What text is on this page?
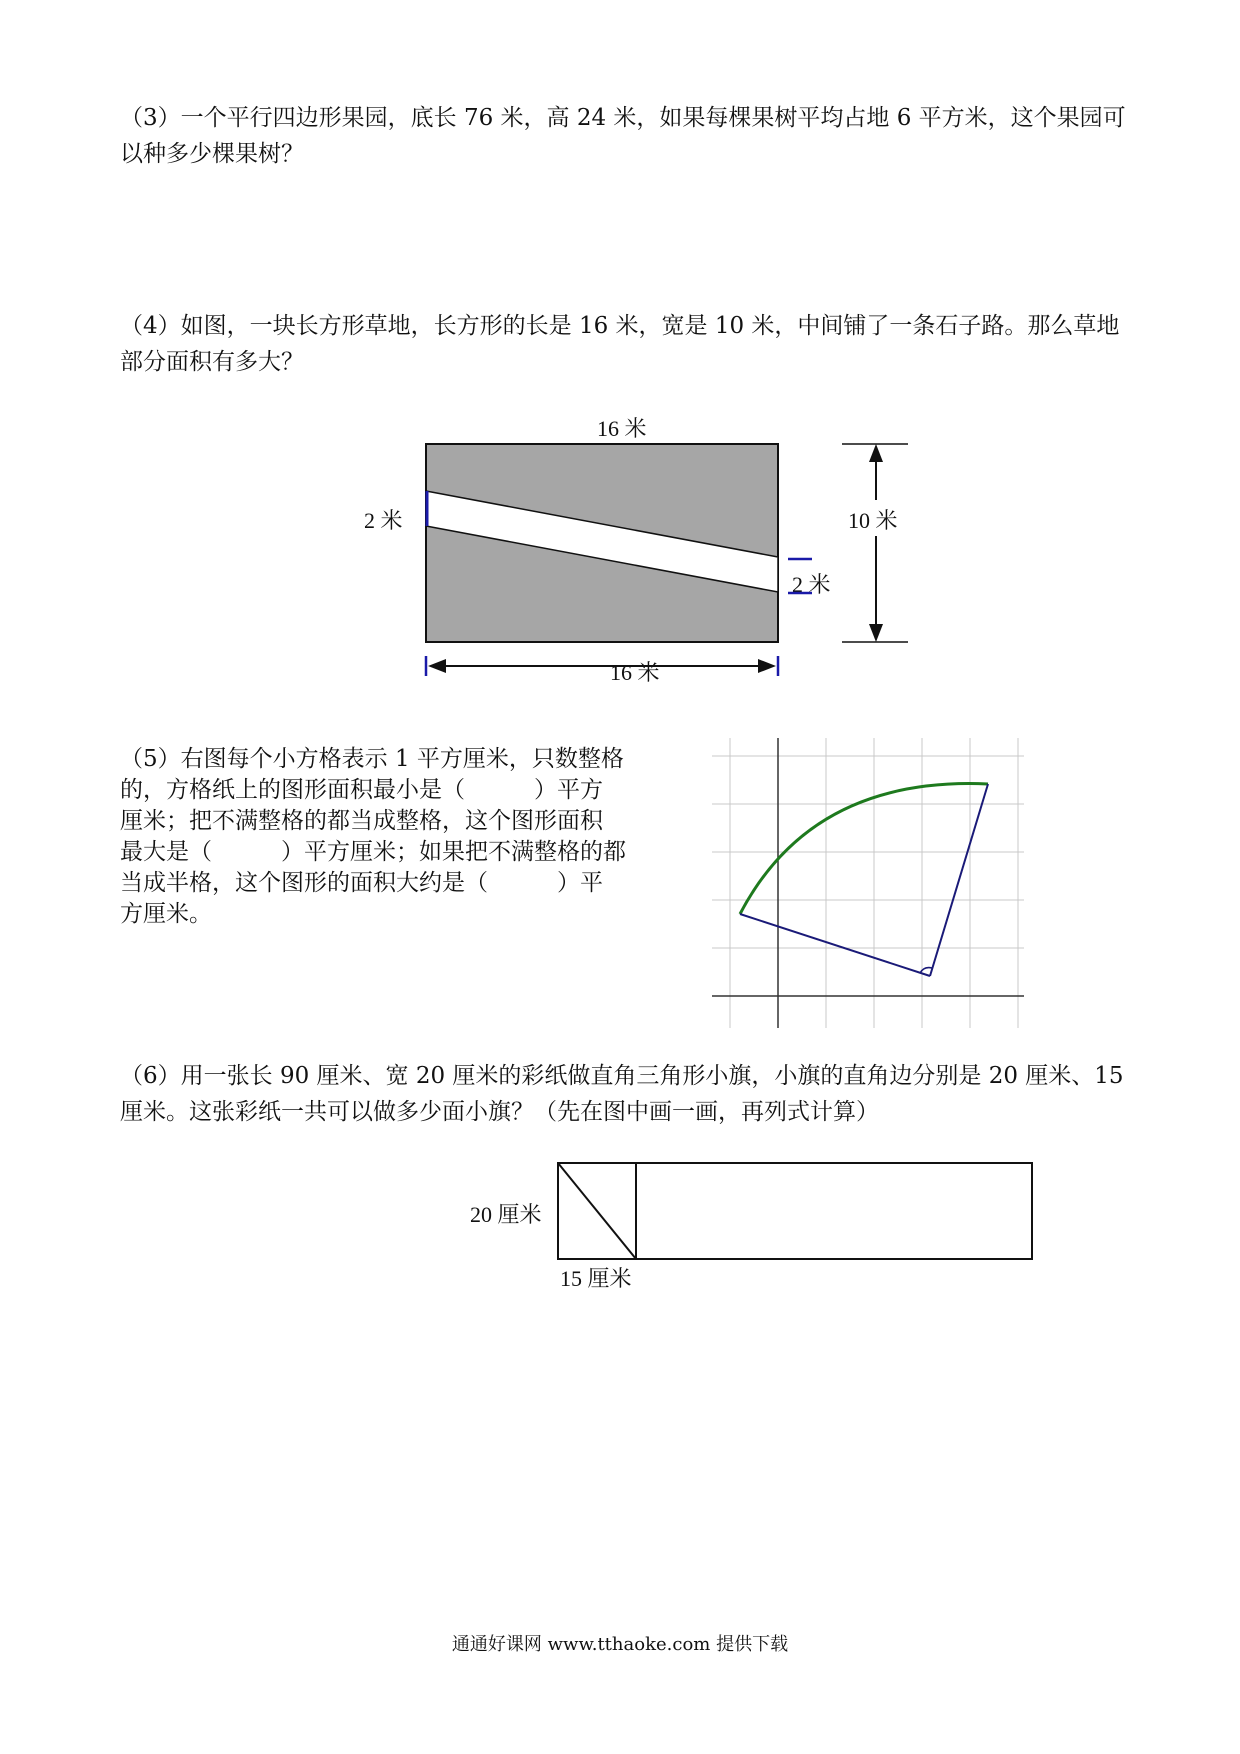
（3）一个平行四边形果园，底长 76 米，高 24 米，如果每棵果树平均占地 6 平方米，这个果园可以种多少棵果树？
（4）如图，一块长方形草地，长方形的长是 16 米，宽是 10 米，中间铺了一条石子路。那么草地部分面积有多大？
16 米
2 米
2 米
10 米
16 米
（5）右图每个小方格表示 1 平方厘米，只数整格
的，方格纸上的图形面积最小是（　　　）平方
厘米；把不满整格的都当成整格，这个图形面积
最大是（　　　）平方厘米；如果把不满整格的都
当成半格，这个图形的面积大约是（　　　）平
方厘米。
（6）用一张长 90 厘米、宽 20 厘米的彩纸做直角三角形小旗，小旗的直角边分别是 20 厘米、15 厘米。这张彩纸一共可以做多少面小旗？（先在图中画一画，再列式计算）
20 厘米
15 厘米
通通好课网 www.tthaoke.com 提供下载
